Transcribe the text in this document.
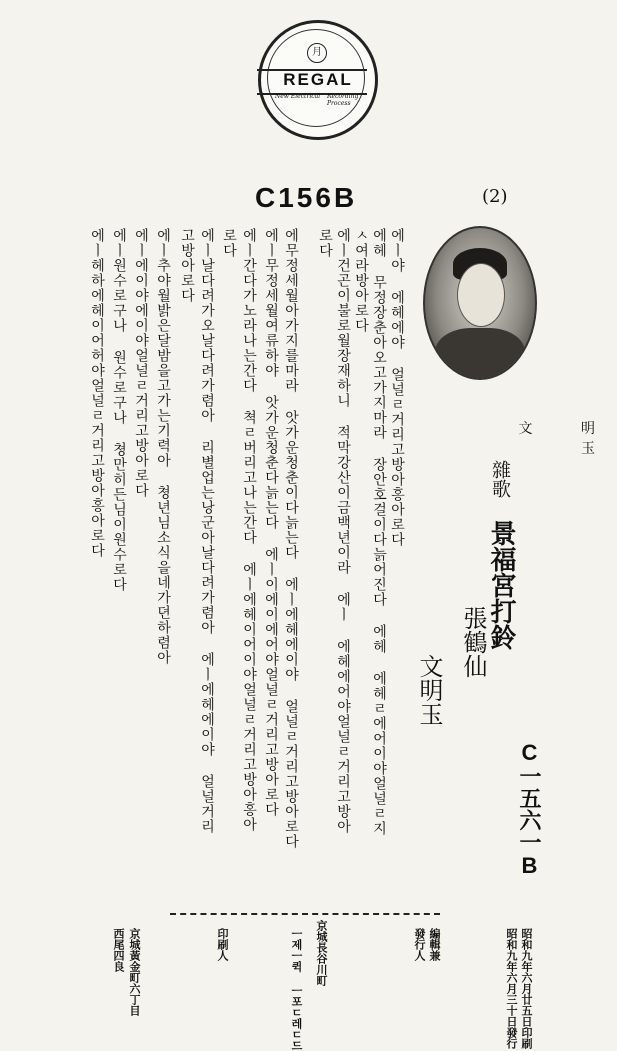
月
REGAL
New Electrical Recording Process
C156B	(2)
文 明 玉
雜歌
景福宮打鈴
張鶴仙
文明玉
C一五六一B
에ㅣ야 에헤에야 얼널ㄹ거리고방아홍아로다
에헤 무정장춘아오고가지마라 장안호걸이다늙어진다 에헤 에헤ㄹ에어이야얼널ㄹ지
ㅅ여라방아로다
에ㅣ건곤이불로월장재하니 적막강산이금백년이라 에ㅣ 에헤에어야얼널ㄹ거리고방아
로다
에무정세월아가지를마라 앗가운청춘이다늙는다 에ㅣ에헤에이야 얼널ㄹ거리고방아로다
에ㅣ무정세월여류하야 앗가운청춘다늙는다 에ㅣ이에이에어야얼널ㄹ거리고방아로다
에ㅣ간다가노라나는간다 쳑ㄹ버리고나는간다 에ㅣ에헤이어이야얼널ㄹ거리고방아홍아
로다
에ㅣ날다려가오날다려가렴아 리별업는낭군아날다려가렴아 에ㅣ에헤에이야 얼널거리
고방아로다
에ㅣ추야월밝은달밤을고가는기력아 쳥년님소식을네가뎐하렴아
에ㅣ에이야에이야얼널ㄹ거리고방아로다
에ㅣ원수로구나 원수로구나 쳥만히든님이원수로다
에ㅣ헤하에헤이어허야얼널ㄹ거리고방아홍아로다
昭和九年六月廿五日印刷
昭和九年六月三十日發行
編輯兼
發行人
ㅡ제ㅡ퀵 ㅡ포ㄷ레ㄷ드 京城長谷川町
印刷人
京城黃金町六丁目
西尾四良
